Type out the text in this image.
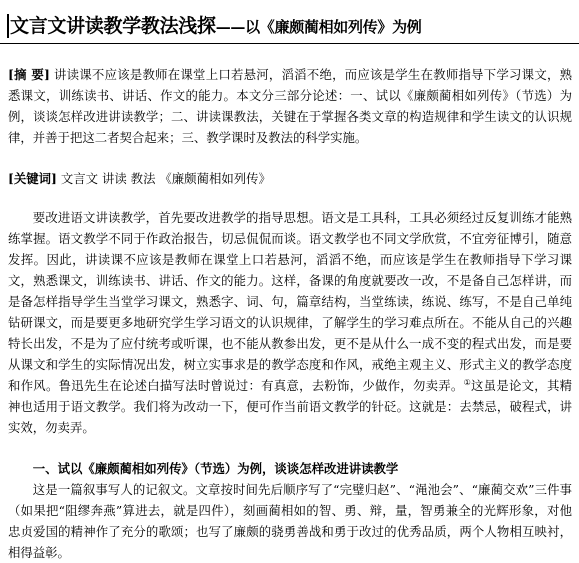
文言文讲读教学教法浅探——以《廉颇蔺相如列传》为例
[摘 要] 讲读课不应该是教师在课堂上口若悬河，滔滔不绝，而应该是学生在教师指导下学习课文，熟悉课文，训练读书、讲话、作文的能力。本文分三部分论述：一、试以《廉颇蔺相如列传》（节选）为例，谈谈怎样改进讲读教学；二、讲读课教法，关键在于掌握各类文章的构造规律和学生读文的认识规律，并善于把这二者契合起来；三、教学课时及教法的科学实施。
[关键词] 文言文 讲读 教法 《廉颇蔺相如列传》
要改进语文讲读教学，首先要改进教学的指导思想。语文是工具科，工具必须经过反复训练才能熟练掌握。语文教学不同于作政治报告，切忌侃侃而谈。语文教学也不同文学欣赏，不宜旁征博引，随意发挥。因此，讲读课不应该是教师在课堂上口若悬河，滔滔不绝，而应该是学生在教师指导下学习课文，熟悉课文，训练读书、讲话、作文的能力。这样，备课的角度就要改一改，不是备自己怎样讲，而是备怎样指导学生当堂学习课文，熟悉字、词、句，篇章结构，当堂练读，练说、练写，不是自己单纯钻研课文，而是要更多地研究学生学习语文的认识规律，了解学生的学习难点所在。不能从自己的兴趣特长出发，不是为了应付统考或听课，也不能从教参出发，更不是从什么一成不变的程式出发，而是要从课文和学生的实际情况出发，树立实事求是的教学态度和作风，戒绝主观主义、形式主义的教学态度和作风。鲁迅先生在论述白描写法时曾说过：有真意，去粉饰，少做作，勿卖弄。①这虽是论文，其精神也适用于语文教学。我们将为改动一下，便可作当前语文教学的针砭。这就是：去禁忌，破程式，讲实效，勿卖弄。
一、试以《廉颇蔺相如列传》（节选）为例，谈谈怎样改进讲读教学
这是一篇叙事写人的记叙文。文章按时间先后顺序写了“完璧归赵”、“渑池会”、“廉蔺交欢”三件事（如果把“阻缪奔燕”算进去，就是四件），刻画蔺相如的智、勇、辩，量，智勇兼全的光辉形象，对他忠贞爱国的精神作了充分的歌颂；也写了廉颇的骁勇善战和勇于改过的优秀品质，两个人物相互映衬，相得益彰。
